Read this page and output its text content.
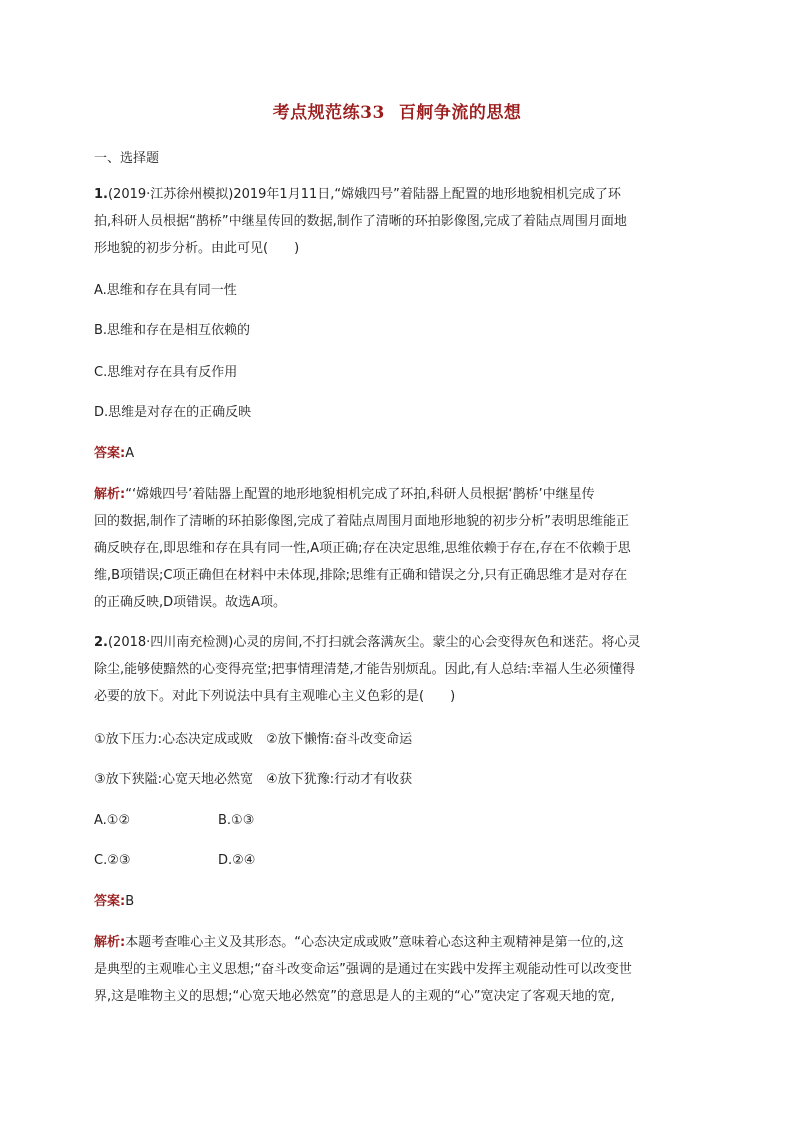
考点规范练33 百舸争流的思想
一、选择题
1.(2019·江苏徐州模拟)2019年1月11日,“嫦娥四号”着陆器上配置的地形地貌相机完成了环
拍,科研人员根据“鹊桥”中继星传回的数据,制作了清晰的环拍影像图,完成了着陆点周围月面地
形地貌的初步分析。由此可见(　　)
A.思维和存在具有同一性
B.思维和存在是相互依赖的
C.思维对存在具有反作用
D.思维是对存在的正确反映
答案:A
解析:“‘嫦娥四号’着陆器上配置的地形地貌相机完成了环拍,科研人员根据‘鹊桥’中继星传
回的数据,制作了清晰的环拍影像图,完成了着陆点周围月面地形地貌的初步分析”表明思维能正
确反映存在,即思维和存在具有同一性,A项正确;存在决定思维,思维依赖于存在,存在不依赖于思
维,B项错误;C项正确但在材料中未体现,排除;思维有正确和错误之分,只有正确思维才是对存在
的正确反映,D项错误。故选A项。
2.(2018·四川南充检测)心灵的房间,不打扫就会落满灰尘。蒙尘的心会变得灰色和迷茫。将心灵
除尘,能够使黯然的心变得亮堂;把事情理清楚,才能告别烦乱。因此,有人总结:幸福人生必须懂得
必要的放下。对此下列说法中具有主观唯心主义色彩的是(　　)
①放下压力:心态决定成或败　②放下懒惰:奋斗改变命运
③放下狭隘:心宽天地必然宽　④放下犹豫:行动才有收获
A.①②	B.①③
C.②③	D.②④
答案:B
解析:本题考查唯心主义及其形态。“心态决定成或败”意味着心态这种主观精神是第一位的,这
是典型的主观唯心主义思想;“奋斗改变命运”强调的是通过在实践中发挥主观能动性可以改变世
界,这是唯物主义的思想;“心宽天地必然宽”的意思是人的主观的“心”宽决定了客观天地的宽,
